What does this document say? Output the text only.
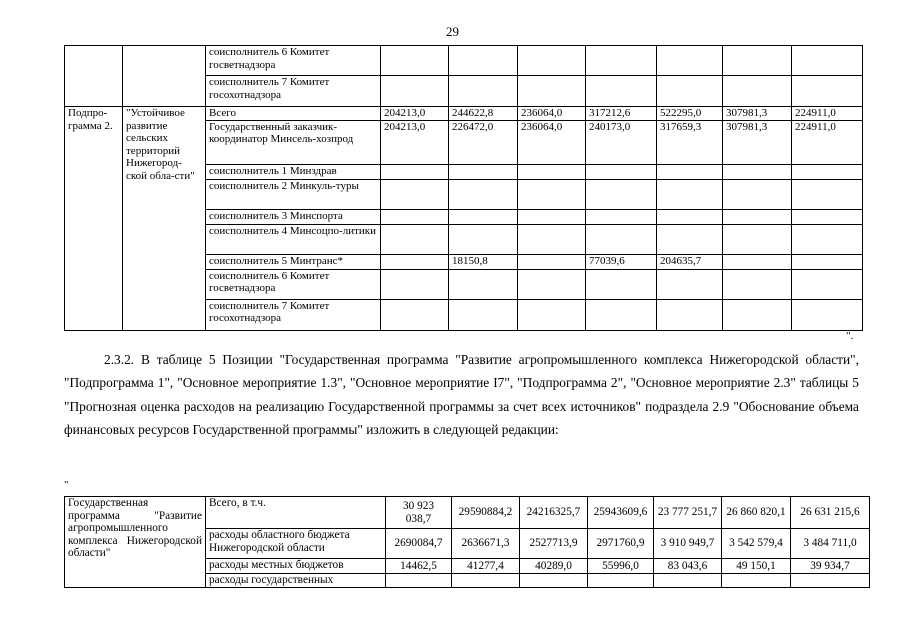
29
		соисполнитель 6 Комитет госветнадзора							
		соисполнитель 7 Комитет госохотнадзора							
Подпро-грамма 2.	"Устойчивое развитие сельских территорий Нижегород-ской обла-сти"	Всего	204213,0	244622,8	236064,0	317212,6	522295,0	307981,3	224911,0
		Государственный заказчик-координатор Минсель-хозпрод	204213,0	226472,0	236064,0	240173,0	317659,3	307981,3	224911,0
		соисполнитель 1 Минздрав							
		соисполнитель 2 Минкуль-туры							
		соисполнитель 3 Минспорта							
		соисполнитель 4 Минсоцпо-литики							
		соисполнитель 5 Минтранс*		18150,8		77039,6	204635,7		
		соисполнитель 6 Комитет госветнадзора							
		соисполнитель 7 Комитет госохотнадзора							
".

2.3.2. В таблице 5 Позиции "Государственная программа "Развитие агропромышленного комплекса Нижегородской области", "Подпрограмма 1", "Основное мероприятие 1.3", "Основное мероприятие I7", "Подпрограмма 2", "Основное мероприятие 2.3" таблицы 5 "Прогнозная оценка расходов на реализацию Государственной программы за счет всех источников" подраздела 2.9 "Обоснование объема финансовых ресурсов Государственной программы" изложить в следующей редакции:

"
Государственная программа "Развитие агропромышленного комплекса Нижегородской области"	Всего, в т.ч.	30 923 038,7	29590884,2	24216325,7	25943609,6	23 777 251,7	26 860 820,1	26 631 215,6
	расходы областного бюджета Нижегородской области	2690084,7	2636671,3	2527713,9	2971760,9	3 910 949,7	3 542 579,4	3 484 711,0
	расходы местных бюджетов	14462,5	41277,4	40289,0	55996,0	83 043,6	49 150,1	39 934,7
	расходы государственных							
